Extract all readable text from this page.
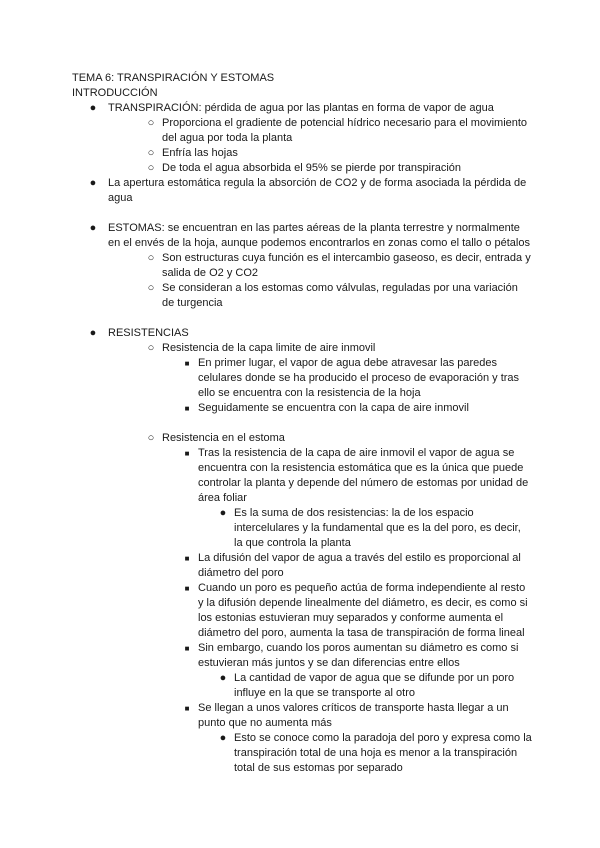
TEMA 6: TRANSPIRACIÓN Y ESTOMAS
INTRODUCCIÓN
●	TRANSPIRACIÓN: pérdida de agua por las plantas en forma de vapor de agua
○ Proporciona el gradiente de potencial hídrico necesario para el movimiento del agua por toda la planta
○ Enfría las hojas
○ De toda el agua absorbida el 95% se pierde por transpiración
●	La apertura estomática regula la absorción de CO2 y de forma asociada la pérdida de agua
●	ESTOMAS: se encuentran en las partes aéreas de la planta terrestre y normalmente en el envés de la hoja, aunque podemos encontrarlos en zonas como el tallo o pétalos
○ Son estructuras cuya función es el intercambio gaseoso, es decir, entrada y salida de O2 y CO2
○ Se consideran a los estomas como válvulas, reguladas por una variación de turgencia
●	RESISTENCIAS
○ Resistencia de la capa limite de aire inmovil
■ En primer lugar, el vapor de agua debe atravesar las paredes celulares donde se ha producido el proceso de evaporación y tras ello se encuentra con la resistencia de la hoja
■ Seguidamente se encuentra con la capa de aire inmovil
○ Resistencia en el estoma
■ Tras la resistencia de la capa de aire inmovil el vapor de agua se encuentra con la resistencia estomática que es la única que puede controlar la planta y depende del número de estomas por unidad de área foliar
● Es la suma de dos resistencias: la de los espacio intercelulares y la fundamental que es la del poro, es decir, la que controla la planta
■ La difusión del vapor de agua a través del estilo es proporcional al diámetro del poro
■ Cuando un poro es pequeño actúa de forma independiente al resto y la difusión depende linealmente del diámetro, es decir, es como si los estonias estuvieran muy separados y conforme aumenta el diámetro del poro, aumenta la tasa de transpiración de forma lineal
■ Sin embargo, cuando los poros aumentan su diámetro es como si estuvieran más juntos y se dan diferencias entre ellos
● La cantidad de vapor de agua que se difunde por un poro influye en la que se transporte al otro
■ Se llegan a unos valores críticos de transporte hasta llegar a un punto que no aumenta más
● Esto se conoce como la paradoja del poro y expresa como la transpiración total de una hoja es menor a la transpiración total de sus estomas por separado
